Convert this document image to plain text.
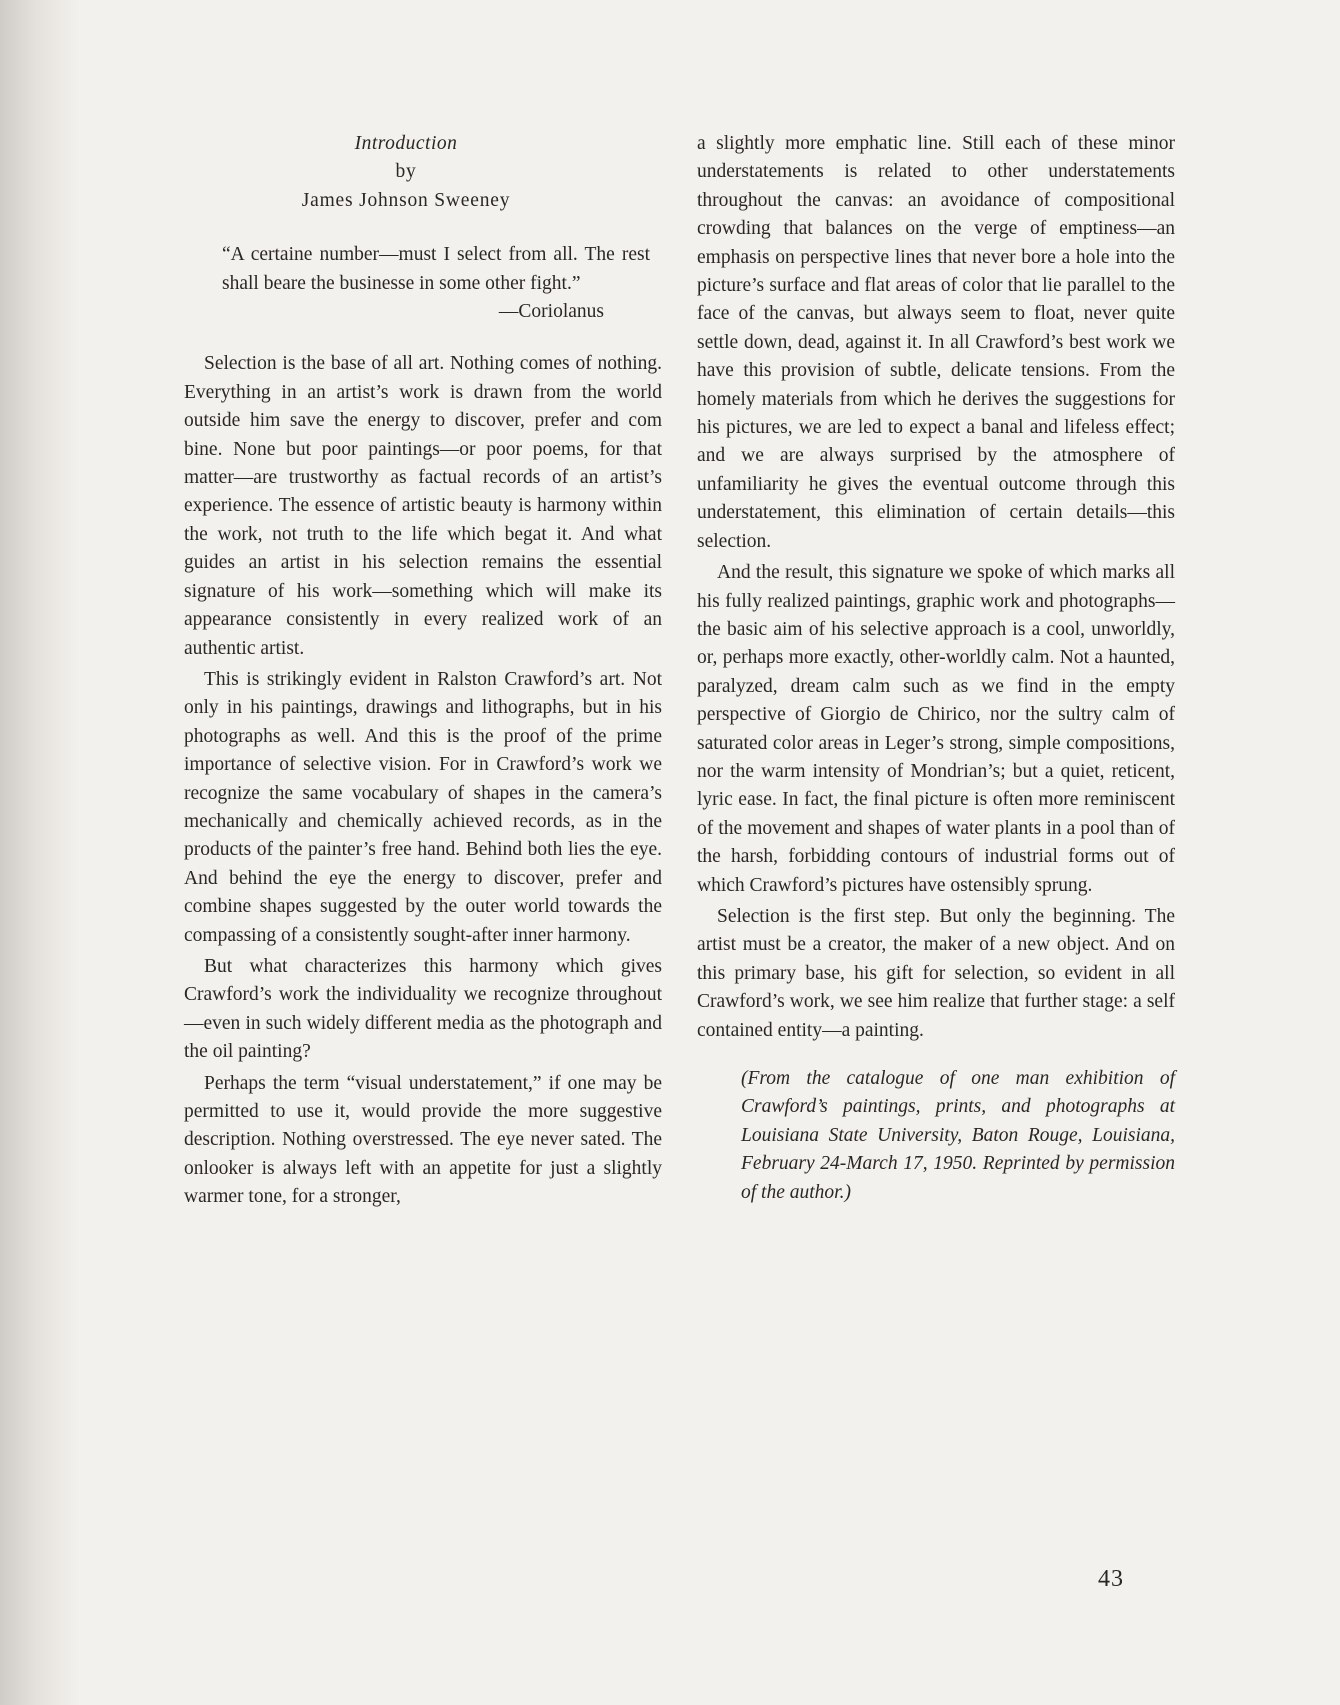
Introduction
by
James Johnson Sweeney
“A certaine number—must I select from all. The rest shall beare the businesse in some other fight.”
—Coriolanus

Selection is the base of all art. Nothing comes of nothing. Everything in an artist’s work is drawn from the world outside him save the energy to discover, prefer and com bine. None but poor paintings—or poor poems, for that matter—are trustworthy as factual records of an artist’s experience. The essence of artistic beauty is harmony within the work, not truth to the life which begat it. And what guides an artist in his selection remains the essential signature of his work—something which will make its appearance consistently in every realized work of an authentic artist.

This is strikingly evident in Ralston Crawford’s art. Not only in his paintings, drawings and lithographs, but in his photographs as well. And this is the proof of the prime importance of selective vision. For in Crawford’s work we recognize the same vocabulary of shapes in the camera’s mechanically and chemically achieved records, as in the products of the painter’s free hand. Behind both lies the eye. And behind the eye the energy to discover, prefer and combine shapes suggested by the outer world towards the compassing of a consistently sought-after inner harmony.

But what characterizes this harmony which gives Crawford’s work the individuality we recognize throughout—even in such widely different media as the photograph and the oil painting?

Perhaps the term “visual understatement,” if one may be permitted to use it, would provide the more suggestive description. Nothing overstressed. The eye never sated. The onlooker is always left with an appetite for just a slightly warmer tone, for a stronger,

a slightly more emphatic line. Still each of these minor understatements is related to other understatements throughout the canvas: an avoidance of compositional crowding that balances on the verge of emptiness—an emphasis on perspective lines that never bore a hole into the picture’s surface and flat areas of color that lie parallel to the face of the canvas, but always seem to float, never quite settle down, dead, against it. In all Crawford’s best work we have this provision of subtle, delicate tensions. From the homely materials from which he derives the suggestions for his pictures, we are led to expect a banal and lifeless effect; and we are always surprised by the atmosphere of unfamiliarity he gives the eventual outcome through this understatement, this elimination of certain details—this selection.

And the result, this signature we spoke of which marks all his fully realized paintings, graphic work and photographs—the basic aim of his selective approach is a cool, unworldly, or, perhaps more exactly, other-worldly calm. Not a haunted, paralyzed, dream calm such as we find in the empty perspective of Giorgio de Chirico, nor the sultry calm of saturated color areas in Leger’s strong, simple compositions, nor the warm intensity of Mondrian’s; but a quiet, reticent, lyric ease. In fact, the final picture is often more reminiscent of the movement and shapes of water plants in a pool than of the harsh, forbidding contours of industrial forms out of which Crawford’s pictures have ostensibly sprung.

Selection is the first step. But only the beginning. The artist must be a creator, the maker of a new object. And on this primary base, his gift for selection, so evident in all Crawford’s work, we see him realize that further stage: a self contained entity—a painting.

(From the catalogue of one man exhibition of Crawford’s paintings, prints, and photographs at Louisiana State University, Baton Rouge, Louisiana, February 24-March 17, 1950. Reprinted by permission of the author.)
43
